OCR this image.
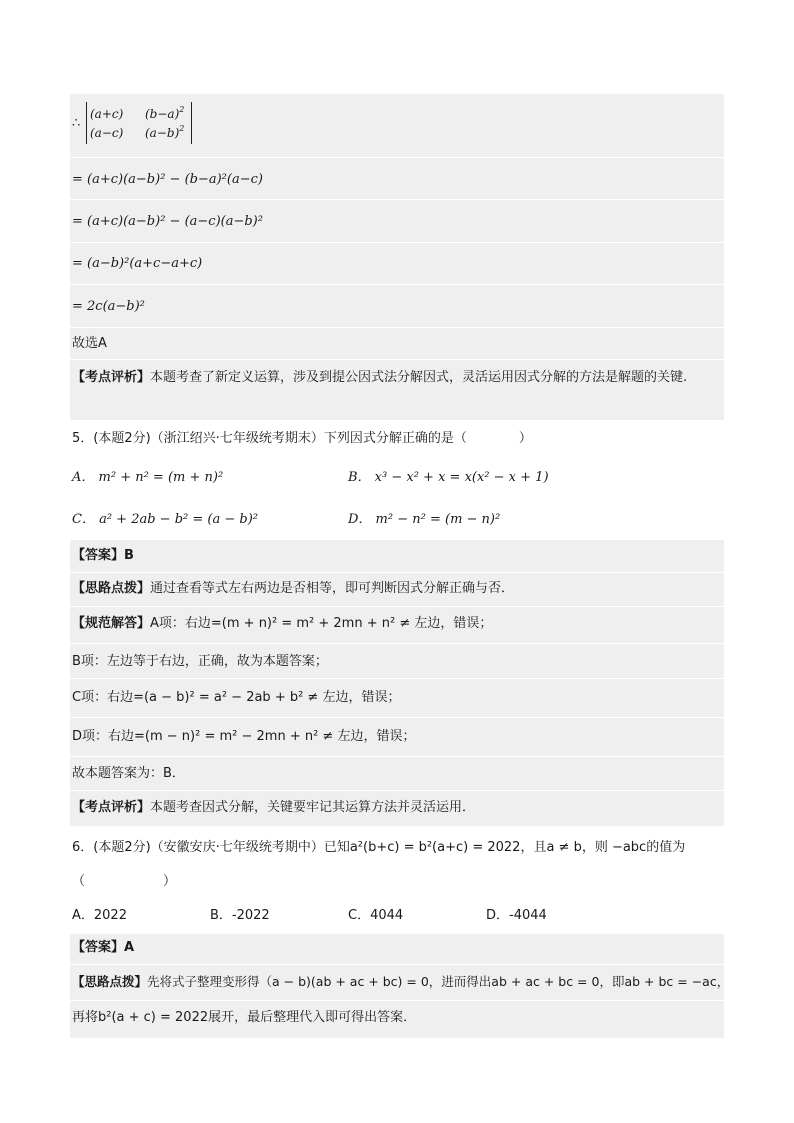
∴
(a+c) $(b-a)^2$
(a−c) $(a-b)^2$
= (a+c)(a−b)² − (b−a)²(a−c)
= (a+c)(a−b)² − (a−c)(a−b)²
= (a−b)²(a+c−a+c)
= 2c(a−b)²
故选A
【考点评析】本题考查了新定义运算，涉及到提公因式法分解因式，灵活运用因式分解的方法是解题的关键.
5．(本题2分)（浙江绍兴·七年级统考期末）下列因式分解正确的是（　　　　）
A． m² + n² = (m + n)²	B． x³ − x² + x = x(x² − x + 1)
C． a² + 2ab − b² = (a − b)²	D． m² − n² = (m − n)²
【答案】B
【思路点拨】通过查看等式左右两边是否相等，即可判断因式分解正确与否．
【规范解答】A项：右边=(m + n)² = m² + 2mn + n² ≠ 左边，错误；
B项：左边等于右边，正确，故为本题答案；
C项：右边=(a − b)² = a² − 2ab + b² ≠ 左边，错误；
D项：右边=(m − n)² = m² − 2mn + n² ≠ 左边，错误；
故本题答案为：B．
【考点评析】本题考查因式分解，关键要牢记其运算方法并灵活运用．
6．(本题2分)（安徽安庆·七年级统考期中）已知a²(b+c) = b²(a+c) = 2022，且a ≠ b，则 −abc的值为
（　　　　　　）
A．2022	B．-2022	C．4044	D．-4044
【答案】A
【思路点拨】先将式子整理变形得（a − b)(ab + ac + bc) = 0，进而得出ab + ac + bc = 0，即ab + bc = −ac，
再将b²(a + c) = 2022展开，最后整理代入即可得出答案．
